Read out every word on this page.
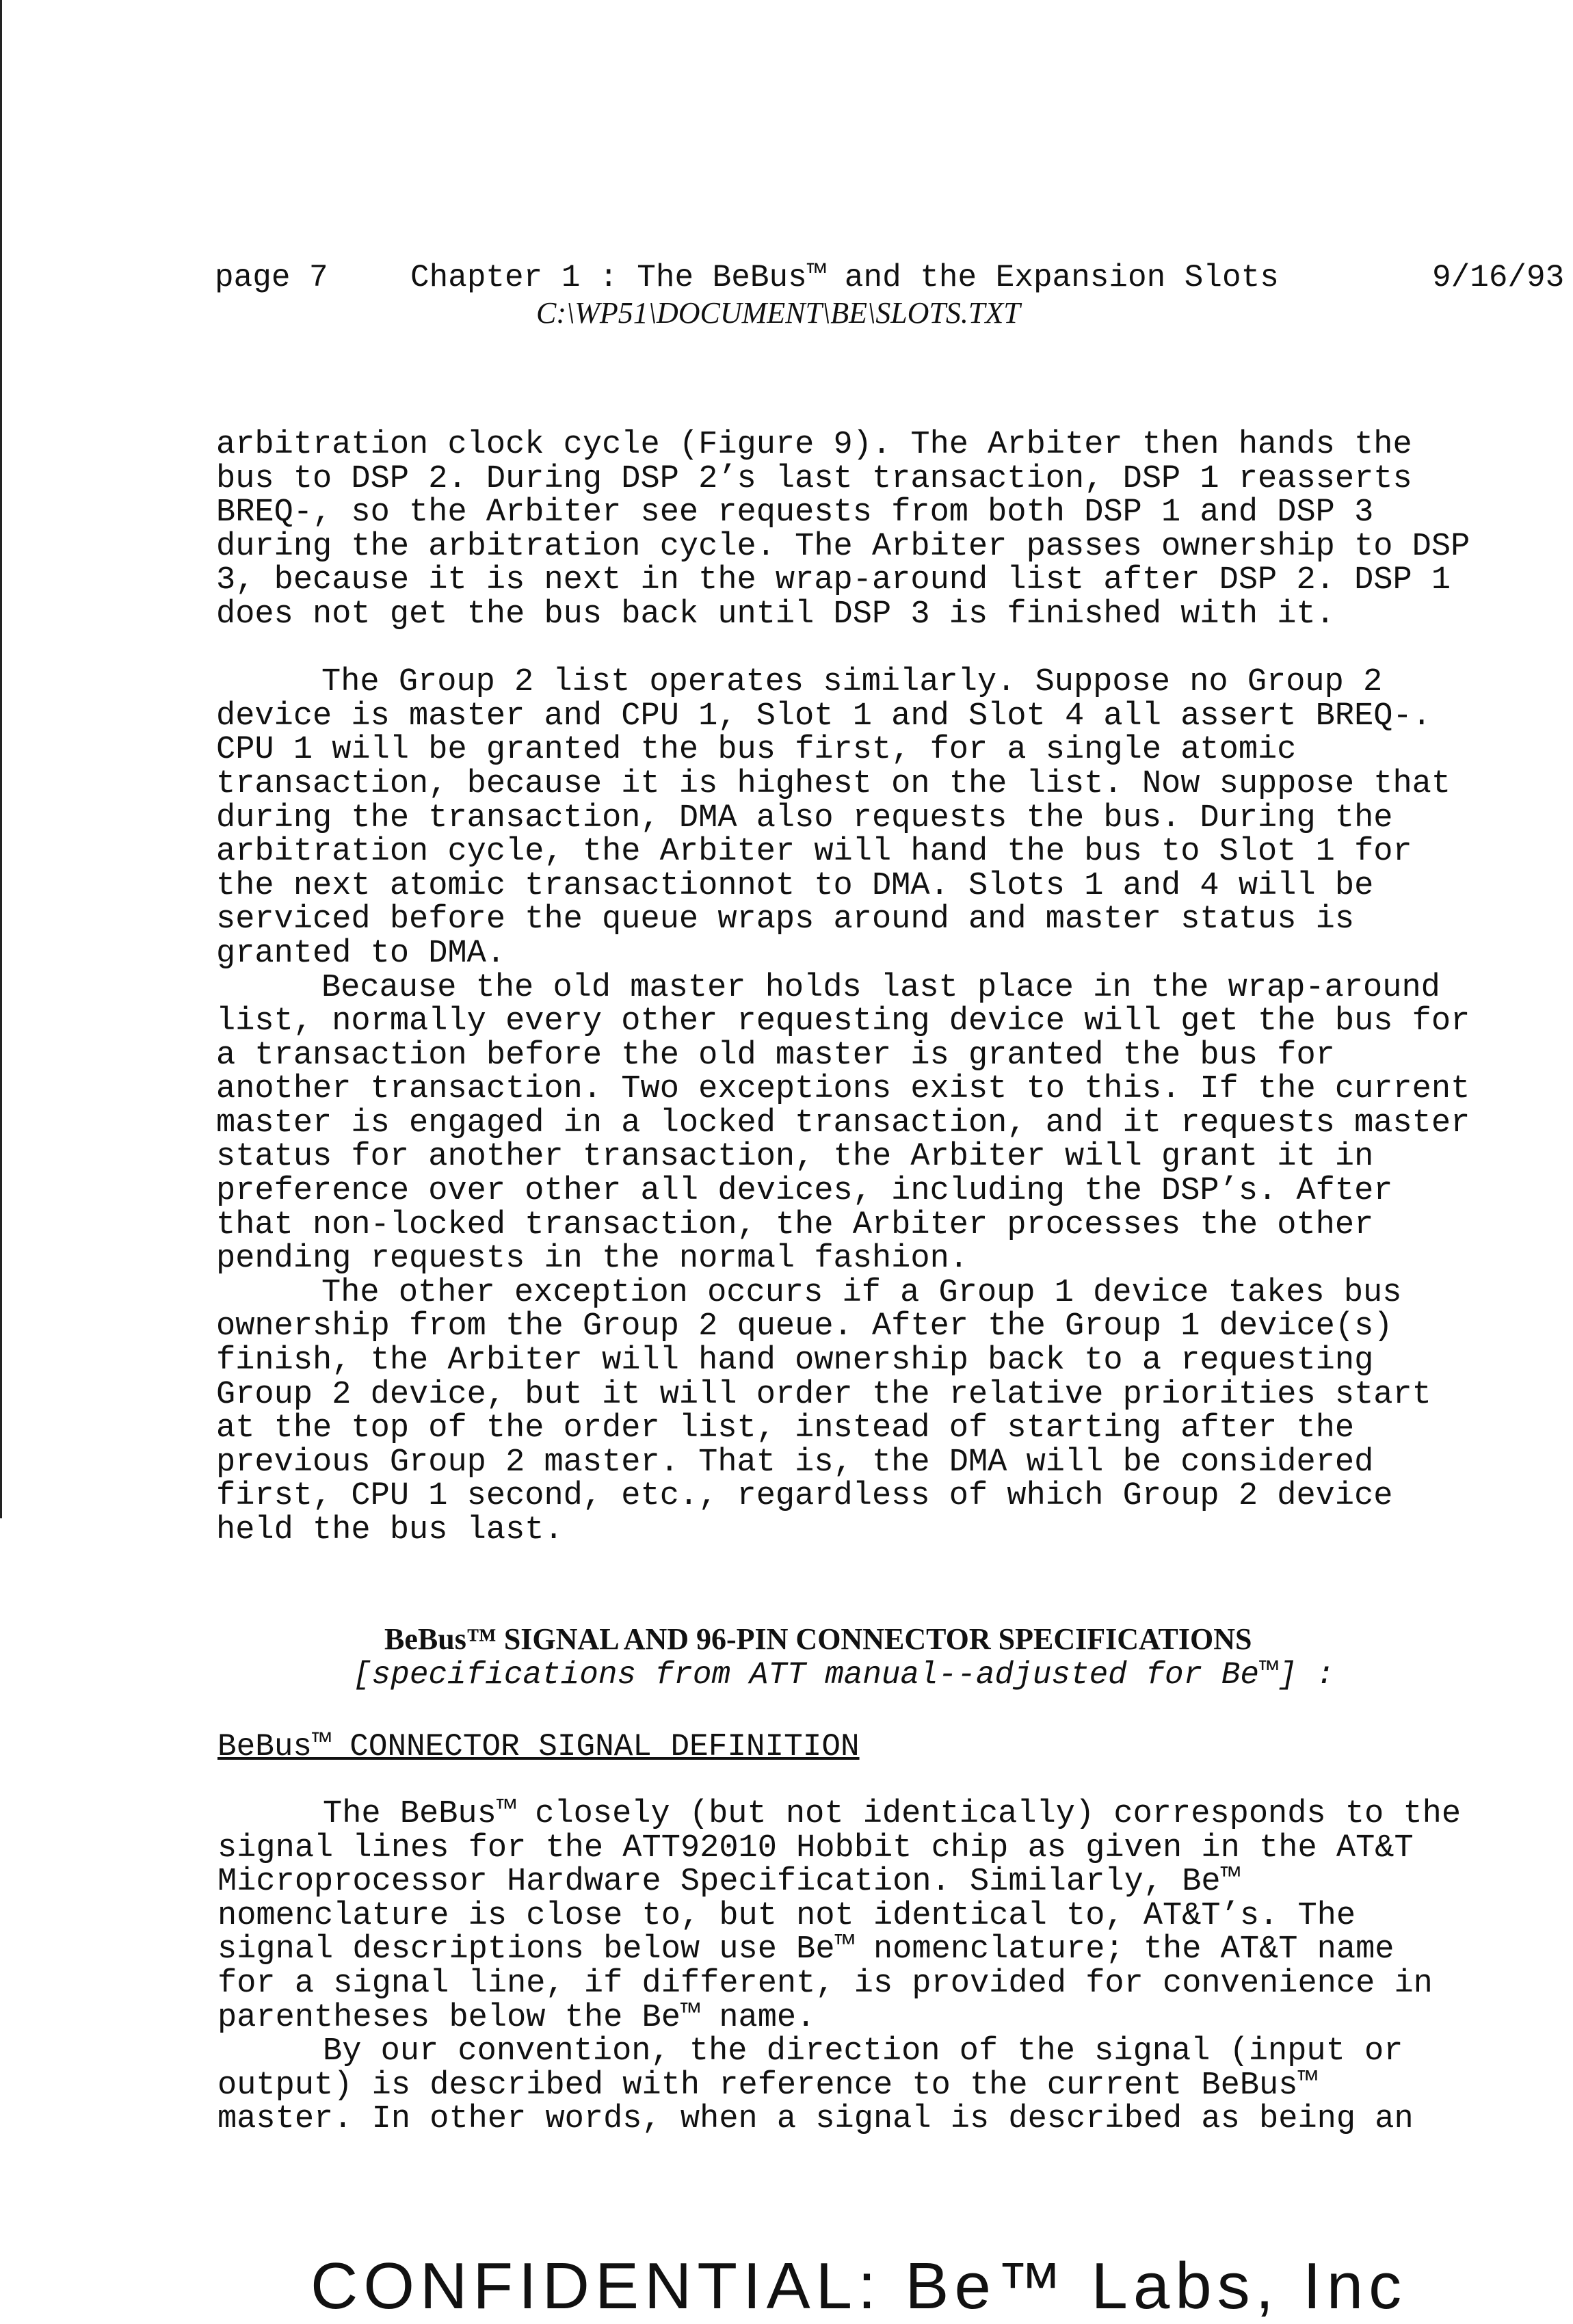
page 7	Chapter 1 : The BeBus™ and the Expansion Slots	9/16/93
C:\WP51\DOCUMENT\BE\SLOTS.TXT
arbitration clock cycle (Figure 9). The Arbiter then hands the
bus to DSP 2. During DSP 2’s last transaction, DSP 1 reasserts
BREQ-, so the Arbiter see requests from both DSP 1 and DSP 3
during the arbitration cycle. The Arbiter passes ownership to DSP
3, because it is next in the wrap-around list after DSP 2. DSP 1
does not get the bus back until DSP 3 is finished with it.
The Group 2 list operates similarly. Suppose no Group 2
device is master and CPU 1, Slot 1 and Slot 4 all assert BREQ-.
CPU 1 will be granted the bus first, for a single atomic
transaction, because it is highest on the list. Now suppose that
during the transaction, DMA also requests the bus. During the
arbitration cycle, the Arbiter will hand the bus to Slot 1 for
the next atomic transactionnot to DMA. Slots 1 and 4 will be
serviced before the queue wraps around and master status is
granted to DMA.
Because the old master holds last place in the wrap-around
list, normally every other requesting device will get the bus for
a transaction before the old master is granted the bus for
another transaction. Two exceptions exist to this. If the current
master is engaged in a locked transaction, and it requests master
status for another transaction, the Arbiter will grant it in
preference over other all devices, including the DSP’s. After
that non-locked transaction, the Arbiter processes the other
pending requests in the normal fashion.
The other exception occurs if a Group 1 device takes bus
ownership from the Group 2 queue. After the Group 1 device(s)
finish, the Arbiter will hand ownership back to a requesting
Group 2 device, but it will order the relative priorities start
at the top of the order list, instead of starting after the
previous Group 2 master. That is, the DMA will be considered
first, CPU 1 second, etc., regardless of which Group 2 device
held the bus last.
BeBus™ SIGNAL AND 96-PIN CONNECTOR SPECIFICATIONS
[specifications from ATT manual--adjusted for Be™] :
BeBus™ CONNECTOR SIGNAL DEFINITION
The BeBus™ closely (but not identically) corresponds to the
signal lines for the ATT92010 Hobbit chip as given in the AT&T
Microprocessor Hardware Specification. Similarly, Be™
nomenclature is close to, but not identical to, AT&T’s. The
signal descriptions below use Be™ nomenclature; the AT&T name
for a signal line, if different, is provided for convenience in
parentheses below the Be™ name.
By our convention, the direction of the signal (input or
output) is described with reference to the current BeBus™
master. In other words, when a signal is described as being an
CONFIDENTIAL: Be™ Labs, Inc
